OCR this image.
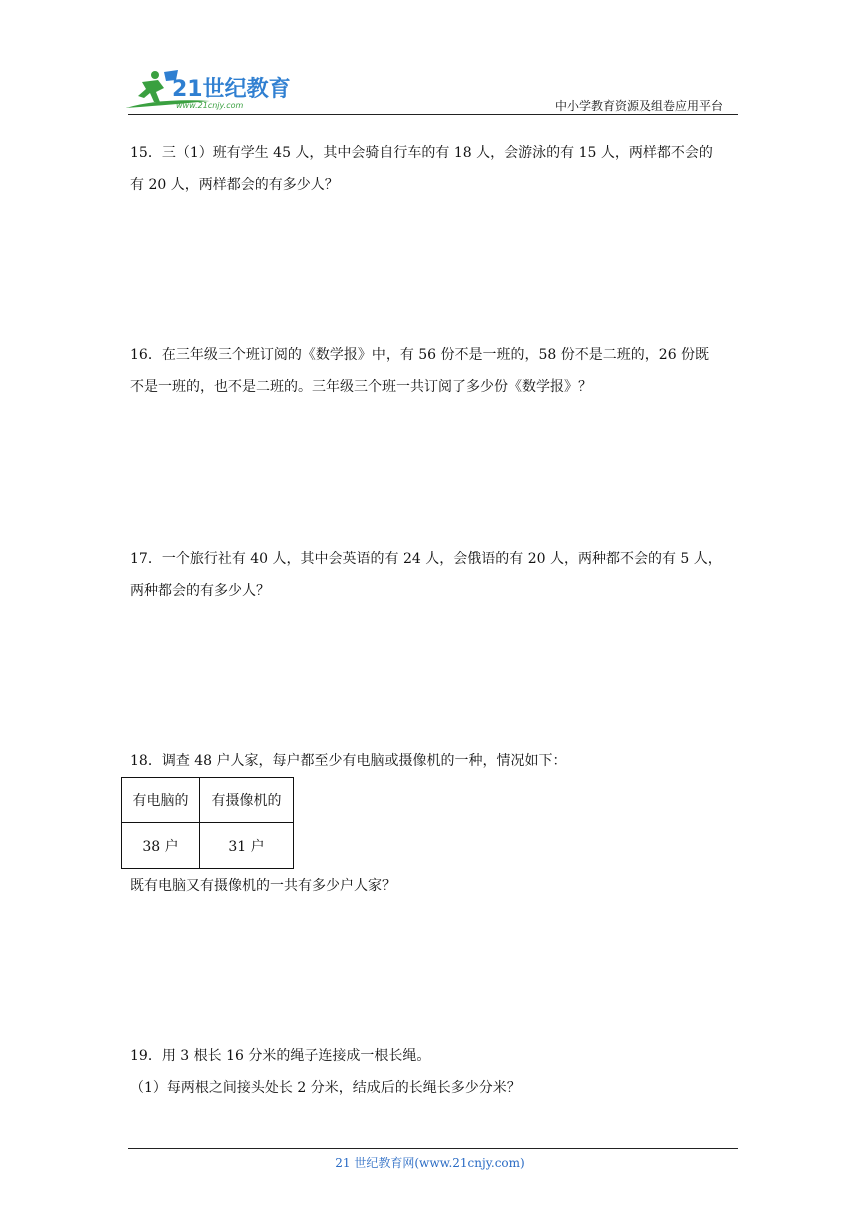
21世纪教育
www.21cnjy.com	中小学教育资源及组卷应用平台
15．三（1）班有学生 45 人，其中会骑自行车的有 18 人，会游泳的有 15 人，两样都不会的
有 20 人，两样都会的有多少人？
16．在三年级三个班订阅的《数学报》中，有 56 份不是一班的，58 份不是二班的，26 份既
不是一班的，也不是二班的。三年级三个班一共订阅了多少份《数学报》？
17．一个旅行社有 40 人，其中会英语的有 24 人，会俄语的有 20 人，两种都不会的有 5 人，
两种都会的有多少人？
18．调查 48 户人家，每户都至少有电脑或摄像机的一种，情况如下：
有电脑的	有摄像机的
38 户	31 户
既有电脑又有摄像机的一共有多少户人家？
19．用 3 根长 16 分米的绳子连接成一根长绳。
（1）每两根之间接头处长 2 分米，结成后的长绳长多少分米？
21 世纪教育网(www.21cnjy.com)
